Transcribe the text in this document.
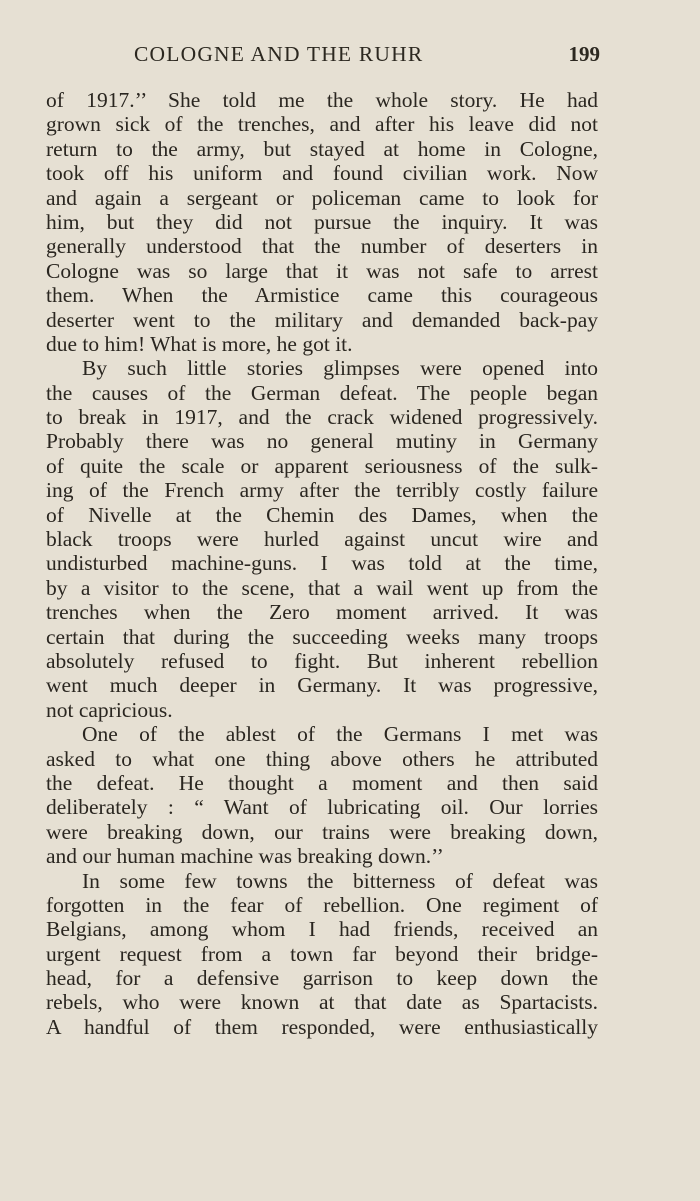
COLOGNE AND THE RUHR	199
of 1917.’’ She told me the whole story. He had
grown sick of the trenches, and after his leave did not
return to the army, but stayed at home in Cologne,
took off his uniform and found civilian work. Now
and again a sergeant or policeman came to look for
him, but they did not pursue the inquiry. It was
generally understood that the number of deserters in
Cologne was so large that it was not safe to arrest
them. When the Armistice came this courageous
deserter went to the military and demanded back-pay
due to him! What is more, he got it.
By such little stories glimpses were opened into
the causes of the German defeat. The people began
to break in 1917, and the crack widened progressively.
Probably there was no general mutiny in Germany
of quite the scale or apparent seriousness of the sulk-
ing of the French army after the terribly costly failure
of Nivelle at the Chemin des Dames, when the
black troops were hurled against uncut wire and
undisturbed machine-guns. I was told at the time,
by a visitor to the scene, that a wail went up from the
trenches when the Zero moment arrived. It was
certain that during the succeeding weeks many troops
absolutely refused to fight. But inherent rebellion
went much deeper in Germany. It was progressive,
not capricious.
One of the ablest of the Germans I met was
asked to what one thing above others he attributed
the defeat. He thought a moment and then said
deliberately : “ Want of lubricating oil. Our lorries
were breaking down, our trains were breaking down,
and our human machine was breaking down.’’
In some few towns the bitterness of defeat was
forgotten in the fear of rebellion. One regiment of
Belgians, among whom I had friends, received an
urgent request from a town far beyond their bridge-
head, for a defensive garrison to keep down the
rebels, who were known at that date as Spartacists.
A handful of them responded, were enthusiastically
